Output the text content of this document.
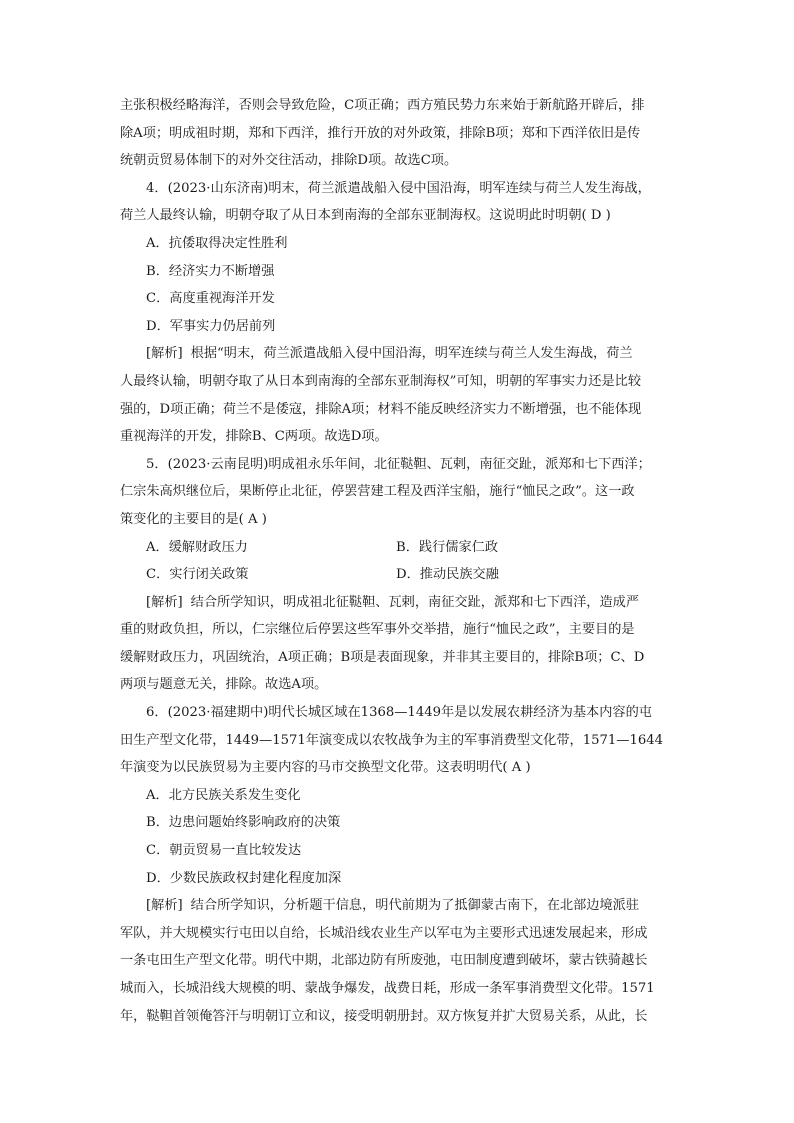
主张积极经略海洋，否则会导致危险，C项正确；西方殖民势力东来始于新航路开辟后，排
除A项；明成祖时期，郑和下西洋，推行开放的对外政策，排除B项；郑和下西洋依旧是传
统朝贡贸易体制下的对外交往活动，排除D项。故选C项。
4．(2023·山东济南)明末，荷兰派遣战船入侵中国沿海，明军连续与荷兰人发生海战，
荷兰人最终认输，明朝夺取了从日本到南海的全部东亚制海权。这说明此时明朝( D )
A．抗倭取得决定性胜利
B．经济实力不断增强
C．高度重视海洋开发
D．军事实力仍居前列
[解析] 根据“明末，荷兰派遣战船入侵中国沿海，明军连续与荷兰人发生海战，荷兰
人最终认输，明朝夺取了从日本到南海的全部东亚制海权”可知，明朝的军事实力还是比较
强的，D项正确；荷兰不是倭寇，排除A项；材料不能反映经济实力不断增强，也不能体现
重视海洋的开发，排除B、C两项。故选D项。
5．(2023·云南昆明)明成祖永乐年间，北征鞑靼、瓦剌，南征交趾，派郑和七下西洋；
仁宗朱高炽继位后，果断停止北征，停罢营建工程及西洋宝船，施行“恤民之政”。这一政
策变化的主要目的是( A )
A．缓解财政压力	B．践行儒家仁政
C．实行闭关政策	D．推动民族交融
[解析] 结合所学知识，明成祖北征鞑靼、瓦剌，南征交趾，派郑和七下西洋，造成严
重的财政负担，所以，仁宗继位后停罢这些军事外交举措，施行“恤民之政”，主要目的是
缓解财政压力，巩固统治，A项正确；B项是表面现象，并非其主要目的，排除B项；C、D
两项与题意无关，排除。故选A项。
6．(2023·福建期中)明代长城区域在1368—1449年是以发展农耕经济为基本内容的屯
田生产型文化带，1449—1571年演变成以农牧战争为主的军事消费型文化带，1571—1644
年演变为以民族贸易为主要内容的马市交换型文化带。这表明明代( A )
A．北方民族关系发生变化
B．边患问题始终影响政府的决策
C．朝贡贸易一直比较发达
D．少数民族政权封建化程度加深
[解析] 结合所学知识，分析题干信息，明代前期为了抵御蒙古南下，在北部边境派驻
军队，并大规模实行屯田以自给，长城沿线农业生产以军屯为主要形式迅速发展起来，形成
一条屯田生产型文化带。明代中期，北部边防有所废弛，屯田制度遭到破坏，蒙古铁骑越长
城而入，长城沿线大规模的明、蒙战争爆发，战费日耗，形成一条军事消费型文化带。1571
年，鞑靼首领俺答汗与明朝订立和议，接受明朝册封。双方恢复并扩大贸易关系，从此，长
